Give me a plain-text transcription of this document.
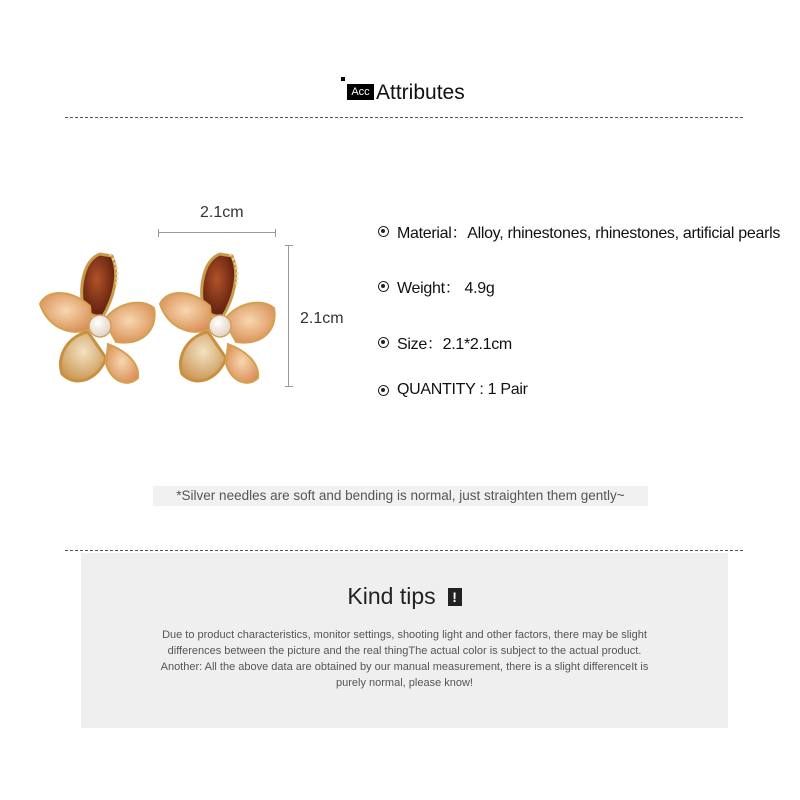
Acc Attributes
2.1cm
2.1cm
Material：Alloy, rhinestones, rhinestones, artificial pearls
Weight： 4.9g
Size：2.1*2.1cm
QUANTITY : 1 Pair
*Silver needles are soft and bending is normal, just straighten them gently~
Kind tips	!
Due to product characteristics, monitor settings, shooting light and other factors, there may be slight
differences between the picture and the real thingThe actual color is subject to the actual product.
Another: All the above data are obtained by our manual measurement, there is a slight differenceIt is
purely normal, please know!
